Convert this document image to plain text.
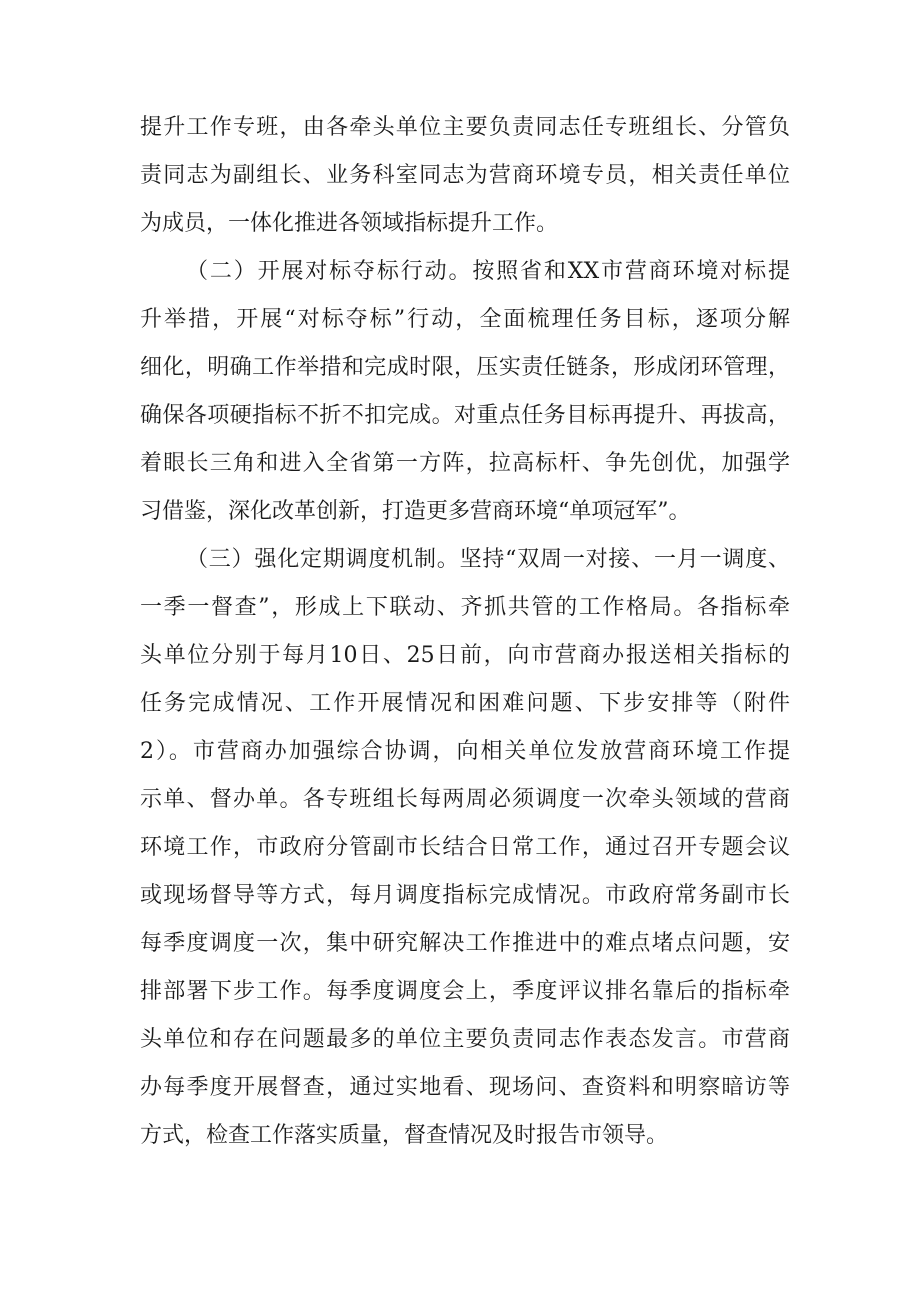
提升工作专班，由各牵头单位主要负责同志任专班组长、分管负
责同志为副组长、业务科室同志为营商环境专员，相关责任单位
为成员，一体化推进各领域指标提升工作。
（二）开展对标夺标行动。按照省和XX市营商环境对标提
升举措，开展“对标夺标”行动，全面梳理任务目标，逐项分解
细化，明确工作举措和完成时限，压实责任链条，形成闭环管理，
确保各项硬指标不折不扣完成。对重点任务目标再提升、再拔高，
着眼长三角和进入全省第一方阵，拉高标杆、争先创优，加强学
习借鉴，深化改革创新，打造更多营商环境“单项冠军”。
（三）强化定期调度机制。坚持“双周一对接、一月一调度、
一季一督查”，形成上下联动、齐抓共管的工作格局。各指标牵
头单位分别于每月10日、25日前，向市营商办报送相关指标的
任务完成情况、工作开展情况和困难问题、下步安排等（附件
2）。市营商办加强综合协调，向相关单位发放营商环境工作提
示单、督办单。各专班组长每两周必须调度一次牵头领域的营商
环境工作，市政府分管副市长结合日常工作，通过召开专题会议
或现场督导等方式，每月调度指标完成情况。市政府常务副市长
每季度调度一次，集中研究解决工作推进中的难点堵点问题，安
排部署下步工作。每季度调度会上，季度评议排名靠后的指标牵
头单位和存在问题最多的单位主要负责同志作表态发言。市营商
办每季度开展督查，通过实地看、现场问、查资料和明察暗访等
方式，检查工作落实质量，督查情况及时报告市领导。
